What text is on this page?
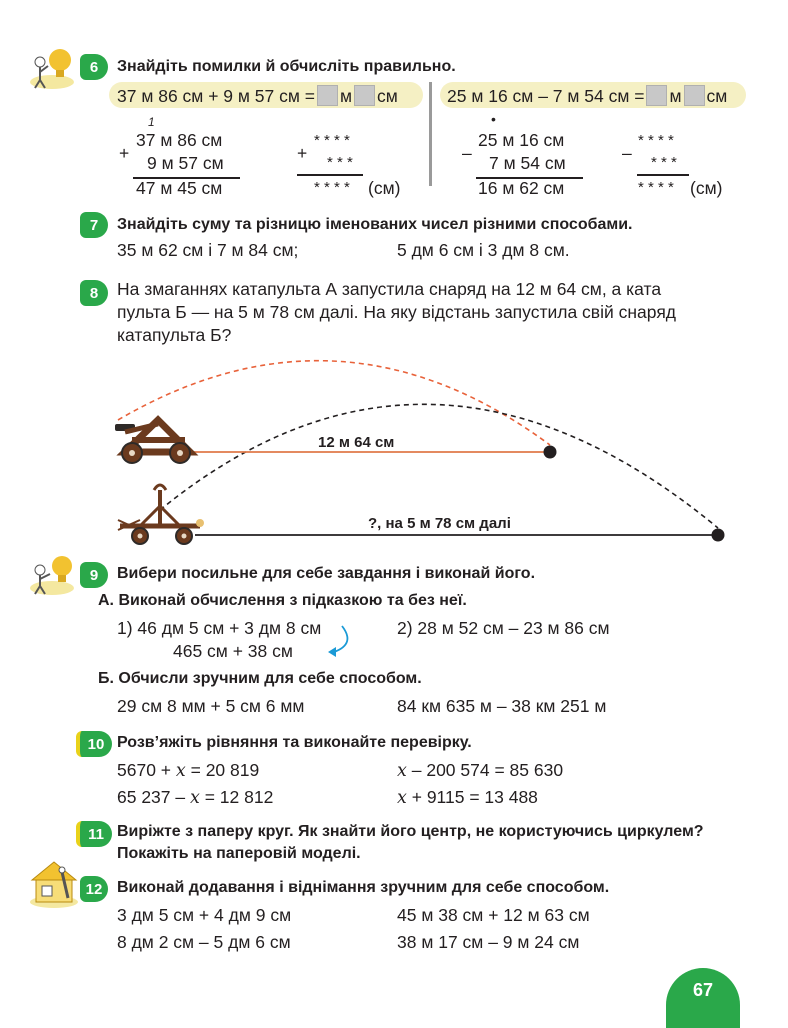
6 Знайдіть помилки й обчисліть правильно.
37 м 86 см + 9 м 57 см = м см	25 м 16 см – 7 м 54 см = м см
1
+
37 м 86 см
9 м 57 см
47 м 45 см
+
* * * *
* * *
* * * * (см)
•
–
25 м 16 см
7 м 54 см
16 м 62 см
–
* * * *
* * *
* * * * (см)
7 Знайдіть суму та різницю іменованих чисел різними способами.
35 м 62 см і 7 м 84 см;	5 дм 6 см і 3 дм 8 см.
8 На змаганнях катапульта А запустила снаряд на 12 м 64 см, а ката
пульта Б — на 5 м 78 см далі. На яку відстань запустила свій снаряд
катапульта Б?
12 м 64 см
?, на 5 м 78 см далі
9 Вибери посильне для себе завдання і виконай його.
А. Виконай обчислення з підказкою та без неї.
1) 46 дм 5 см + 3 дм 8 см
465 см + 38 см
2) 28 м 52 см – 23 м 86 см
Б. Обчисли зручним для себе способом.
29 см 8 мм + 5 см 6 мм	84 км 635 м – 38 км 251 м
10 Розв’яжіть рівняння та виконайте перевірку.
5670 + x = 20 819	x – 200 574 = 85 630
65 237 – x = 12 812	x + 9115 = 13 488
11 Виріжте з паперу круг. Як знайти його центр, не користуючись циркулем?
Покажіть на паперовій моделі.
12 Виконай додавання і віднімання зручним для себе способом.
3 дм 5 см + 4 дм 9 см	45 м 38 см + 12 м 63 см
8 дм 2 см – 5 дм 6 см	38 м 17 см – 9 м 24 см
67
